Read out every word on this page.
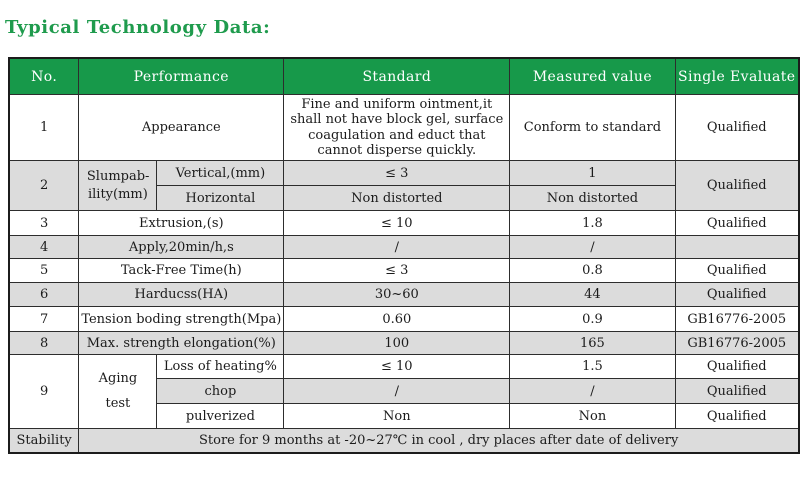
Typical Technology Data:
No.	Performance		Standard	Measured value	Single Evaluate
1	Appearance		Fine and uniform ointment,it shall not have block gel, surface coagulation and educt that cannot disperse quickly.	Conform to standard	Qualified
2	Slumpab-ility(mm)	Vertical,(mm)	≤ 3	1	Qualified
		Horizontal	Non distorted	Non distorted	
3	Extrusion,(s)		≤ 10	1.8	Qualified
4	Apply,20min/h,s		/	/	
5	Tack-Free Time(h)		≤ 3	0.8	Qualified
6	Harducss(HA)		30~60	44	Qualified
7	Tension boding strength(Mpa)		0.60	0.9	GB16776-2005
8	Max. strength elongation(%)		100	165	GB16776-2005
9	Aging test	Loss of heating%	≤ 10	1.5	Qualified
		chop	/	/	Qualified
		pulverized	Non	Non	Qualified
Stability	Store for 9 months at -20~27℃ in cool , dry places after date of delivery				
